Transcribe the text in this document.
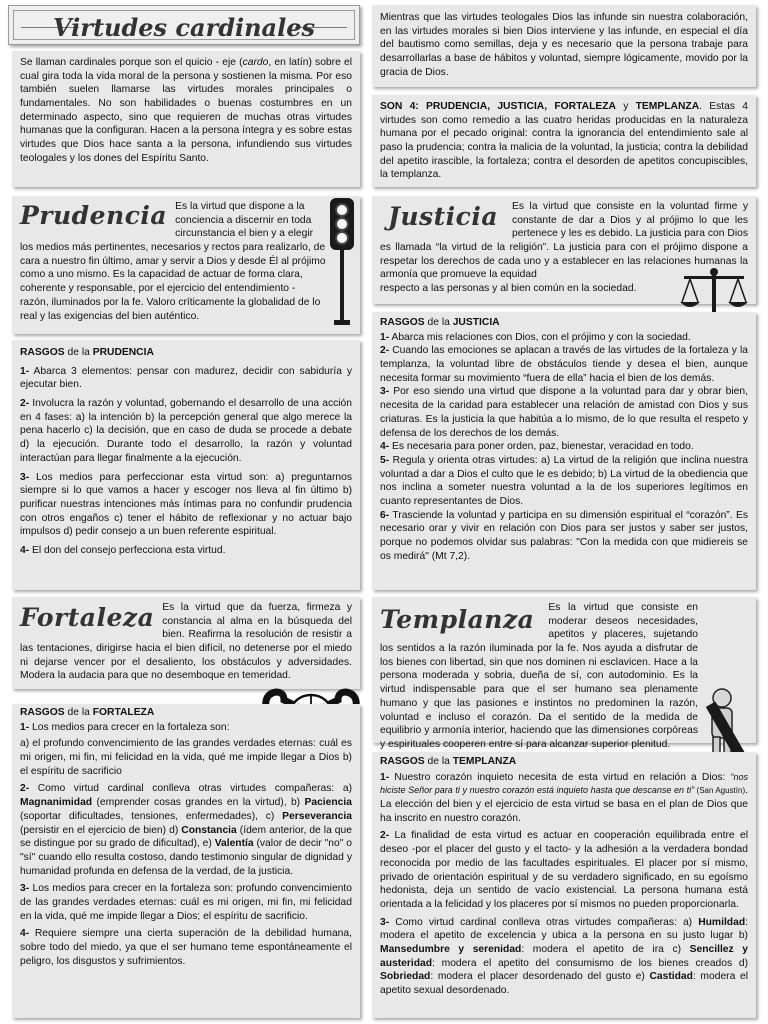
Virtudes cardinales
Se llaman cardinales porque son el quicio - eje (cardo, en latín) sobre el cual gira toda la vida moral de la persona y sostienen la misma. Por eso también suelen llamarse las virtudes morales principales o fundamentales. No son habilidades o buenas costumbres en un determinado aspecto, sino que requieren de muchas otras virtudes humanas que la configuran. Hacen a la persona íntegra y es sobre estas virtudes que Dios hace santa a la persona, infundiendo sus virtudes teologales y los dones del Espíritu Santo.
Mientras que las virtudes teologales Dios las infunde sin nuestra colaboración, en las virtudes morales si bien Dios interviene y las infunde, en especial el día del bautismo como semillas, deja y es necesario que la persona trabaje para desarrollarlas a base de hábitos y voluntad, siempre lógicamente, movido por la gracia de Dios.
SON 4: PRUDENCIA, JUSTICIA, FORTALEZA y TEMPLANZA. Estas 4 virtudes son como remedio a las cuatro heridas producidas en la naturaleza humana por el pecado original: contra la ignorancia del entendimiento sale al paso la prudencia; contra la malicia de la voluntad, la justicia; contra la debilidad del apetito irascible, la fortaleza; contra el desorden de apetitos concupiscibles, la templanza.
Prudencia Es la virtud que dispone a la conciencia a discernir en toda circunstancia el bien y a elegir los medios más pertinentes, necesarios y rectos para realizarlo, de cara a nuestro fin último, amar y servir a Dios y desde Él al prójimo como a uno mismo. Es la capacidad de actuar de forma clara, coherente y responsable, por el ejercicio del entendimiento - razón, iluminados por la fe. Valoro críticamente la globalidad de lo real y las exigencias del bien auténtico.

RASGOS de la PRUDENCIA

1- Abarca 3 elementos: pensar con madurez, decidir con sabiduría y ejecutar bien.

2- Involucra la razón y voluntad, gobernando el desarrollo de una acción en 4 fases: a) la intención b) la percepción general que algo merece la pena hacerlo c) la decisión, que en caso de duda se procede a debate d) la ejecución. Durante todo el desarrollo, la razón y voluntad interactúan para llegar finalmente a la ejecución.

3- Los medios para perfeccionar esta virtud son: a) preguntarnos siempre si lo que vamos a hacer y escoger nos lleva al fin último b) purificar nuestras intenciones más íntimas para no confundir prudencia con otros engaños c) tener el hábito de reflexionar y no actuar bajo impulsos d) pedir consejo a un buen referente espiritual.

4- El don del consejo perfecciona esta virtud.

Justicia Es la virtud que consiste en la voluntad firme y constante de dar a Dios y al prójimo lo que les pertenece y les es debido. La justicia para con Dios es llamada “la virtud de la religión”. La justicia para con el prójimo dispone a respetar los derechos de cada uno y a establecer en las relaciones humanas la armonía que promueve la equidad
respecto a las personas y al bien común en la sociedad.

RASGOS de la JUSTICIA

1- Abarca mis relaciones con Dios, con el prójimo y con la sociedad.

2- Cuando las emociones se aplacan a través de las virtudes de la fortaleza y la templanza, la voluntad libre de obstáculos tiende y desea el bien, aunque necesita formar su movimiento “fuera de ella” hacia el bien de los demás.

3- Por eso siendo una virtud que dispone a la voluntad para dar y obrar bien, necesita de la caridad para establecer una relación de amistad con Dios y sus criaturas. Es la justicia la que habitúa a lo mismo, de lo que resulta el respeto y defensa de los derechos de los demás.

4- Es necesaria para poner orden, paz, bienestar, veracidad en todo.

5- Regula y orienta otras virtudes: a) La virtud de la religión que inclina nuestra voluntad a dar a Dios el culto que le es debido; b) La virtud de la obediencia que nos inclina a someter nuestra voluntad a la de los superiores legítimos en cuanto representantes de Dios.

6- Trasciende la voluntad y participa en su dimensión espiritual el “corazón”. Es necesario orar y vivir en relación con Dios para ser justos y saber ser justos, porque no podemos olvidar sus palabras: "Con la medida con que midiereis se os medirá" (Mt 7,2).

Fortaleza Es la virtud que da fuerza, firmeza y constancia al alma en la búsqueda del bien. Reafirma la resolución de resistir a las tentaciones, dirigirse hacia el bien difícil, no detenerse por el miedo ni dejarse vencer por el desaliento, los obstáculos y adversidades. Modera la audacia para que no desemboque en temeridad.

RASGOS de la FORTALEZA

1- Los medios para crecer en la fortaleza son:

a) el profundo convencimiento de las grandes verdades eternas: cuál es mi origen, mi fin, mi felicidad en la vida, qué me impide llegar a Dios b) el espíritu de sacrificio

2- Como virtud cardinal conlleva otras virtudes compañeras: a) Magnanimidad (emprender cosas grandes en la virtud), b) Paciencia (soportar dificultades, tensiones, enfermedades), c) Perseverancia (persistir en el ejercicio de bien) d) Constancia (ídem anterior, de la que se distingue por su grado de dificultad), e) Valentía (valor de decir "no" o "sí" cuando ello resulta costoso, dando testimonio singular de dignidad y humanidad profunda en defensa de la verdad, de la justicia.

3- Los medios para crecer en la fortaleza son: profundo convencimiento de las grandes verdades eternas: cuál es mi origen, mi fin, mi felicidad en la vida, qué me impide llegar a Dios; el espíritu de sacrificio.

4- Requiere siempre una cierta superación de la debilidad humana, sobre todo del miedo, ya que el ser humano teme espontáneamente el peligro, los disgustos y sufrimientos.

Templanza Es la virtud que consiste en moderar deseos necesidades, apetitos y placeres, sujetando los sentidos a la razón iluminada por la fe. Nos ayuda a disfrutar de los bienes con libertad, sin que nos dominen ni esclavicen. Hace a la persona moderada y sobria, dueña de sí, con autodominio. Es la virtud indispensable para que el ser humano sea plenamente humano y que las pasiones e instintos no predominen la razón, voluntad e incluso el corazón. Da el sentido de la medida de equilibrio y armonía interior, haciendo que las dimensiones corpóreas y espirituales cooperen entre sí para alcanzar superior plenitud.

RASGOS de la TEMPLANZA

1- Nuestro corazón inquieto necesita de esta virtud en relación a Dios: “nos hiciste Señor para ti y nuestro corazón está inquieto hasta que descanse en ti” (San Agustín). La elección del bien y el ejercicio de esta virtud se basa en el plan de Dios que ha inscrito en nuestro corazón.

2- La finalidad de esta virtud es actuar en cooperación equilibrada entre el deseo -por el placer del gusto y el tacto- y la adhesión a la verdadera bondad reconocida por medio de las facultades espirituales. El placer por sí mismo, privado de orientación espiritual y de su verdadero significado, en su egoísmo hedonista, deja un sentido de vacío existencial. La persona humana está orientada a la felicidad y los placeres por sí mismos no pueden proporcionarla.

3- Como virtud cardinal conlleva otras virtudes compañeras: a) Humildad: modera el apetito de excelencia y ubica a la persona en su justo lugar b) Mansedumbre y serenidad: modera el apetito de ira c) Sencillez y austeridad: modera el apetito del consumismo de los bienes creados d) Sobriedad: modera el placer desordenado del gusto e) Castidad: modera el apetito sexual desordenado.
